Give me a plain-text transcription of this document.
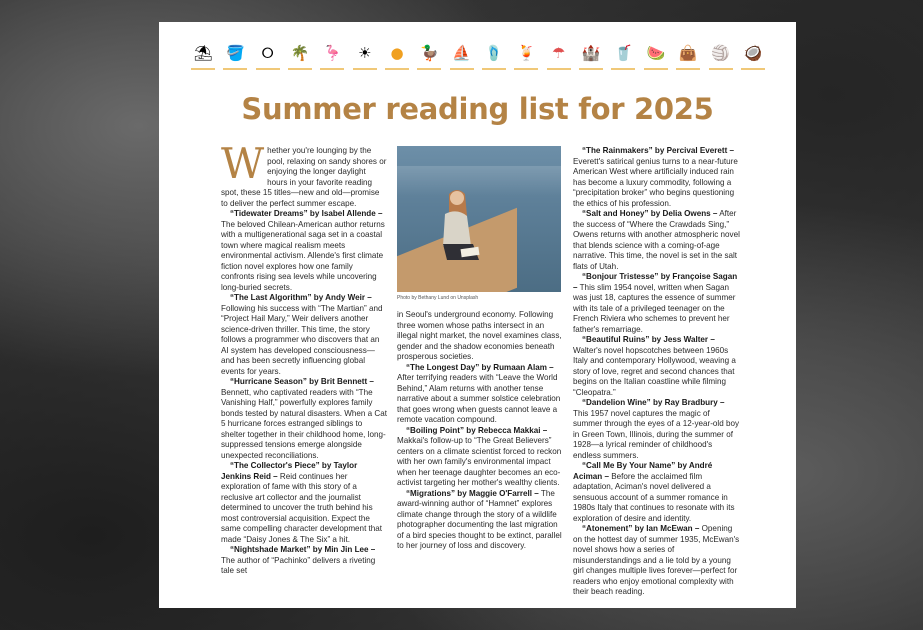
⛱ 🪣	⭘	🌴 🦩	☀	●	🦆 ⛵ 🩴 🍹	☂	🏰 🥤 🍉 👜 🏐 🥥
Summer reading list for 2025

Whether you're lounging by the pool, relaxing on sandy shores or enjoying the longer daylight hours in your favorite reading spot, these 15 titles—new and old—promise to deliver the perfect summer escape.

“Tidewater Dreams” by Isabel Allende – The beloved Chilean-American author returns with a multigenerational saga set in a coastal town where magical realism meets environmental activism. Allende's first climate fiction novel explores how one family confronts rising sea levels while uncovering long-buried secrets.

“The Last Algorithm” by Andy Weir – Following his success with “The Martian” and “Project Hail Mary,” Weir delivers another science-driven thriller. This time, the story follows a programmer who discovers that an AI system has developed consciousness—and has been secretly influencing global events for years.

“Hurricane Season” by Brit Bennett – Bennett, who captivated readers with “The Vanishing Half,” powerfully explores family bonds tested by natural disasters. When a Cat 5 hurricane forces estranged siblings to shelter together in their childhood home, long-suppressed tensions emerge alongside unexpected reconciliations.

“The Collector's Piece” by Taylor Jenkins Reid – Reid continues her exploration of fame with this story of a reclusive art collector and the journalist determined to uncover the truth behind his most controversial acquisition. Expect the same compelling character development that made “Daisy Jones & The Six” a hit.

“Nightshade Market” by Min Jin Lee – The author of “Pachinko” delivers a riveting tale set

Photo by Bethany Lund on Unsplash

in Seoul's underground economy. Following three women whose paths intersect in an illegal night market, the novel examines class, gender and the shadow economies beneath prosperous societies.

“The Longest Day” by Rumaan Alam – After terrifying readers with “Leave the World Behind,” Alam returns with another tense narrative about a summer solstice celebration that goes wrong when guests cannot leave a remote vacation compound.

“Boiling Point” by Rebecca Makkai – Makkai's follow-up to “The Great Believers” centers on a climate scientist forced to reckon with her own family's environmental impact when her teenage daughter becomes an eco-activist targeting her mother's wealthy clients.

“Migrations” by Maggie O'Farrell – The award-winning author of “Hamnet” explores climate change through the story of a wildlife photographer documenting the last migration of a bird species thought to be extinct, parallel to her journey of loss and discovery.

“The Rainmakers” by Percival Everett – Everett's satirical genius turns to a near-future American West where artificially induced rain has become a luxury commodity, following a “precipitation broker” who begins questioning the ethics of his profession.

“Salt and Honey” by Delia Owens – After the success of “Where the Crawdads Sing,” Owens returns with another atmospheric novel that blends science with a coming-of-age narrative. This time, the novel is set in the salt flats of Utah.

“Bonjour Tristesse” by Françoise Sagan – This slim 1954 novel, written when Sagan was just 18, captures the essence of summer with its tale of a privileged teenager on the French Riviera who schemes to prevent her father's remarriage.

“Beautiful Ruins” by Jess Walter – Walter's novel hopscotches between 1960s Italy and contemporary Hollywood, weaving a story of love, regret and second chances that begins on the Italian coastline while filming “Cleopatra.”

“Dandelion Wine” by Ray Bradbury – This 1957 novel captures the magic of summer through the eyes of a 12-year-old boy in Green Town, Illinois, during the summer of 1928—a lyrical reminder of childhood's endless summers.

“Call Me By Your Name” by André Aciman – Before the acclaimed film adaptation, Aciman's novel delivered a sensuous account of a summer romance in 1980s Italy that continues to resonate with its exploration of desire and identity.

“Atonement” by Ian McEwan – Opening on the hottest day of summer 1935, McEwan's novel shows how a series of misunderstandings and a lie told by a young girl changes multiple lives forever—perfect for readers who enjoy emotional complexity with their beach reading.
